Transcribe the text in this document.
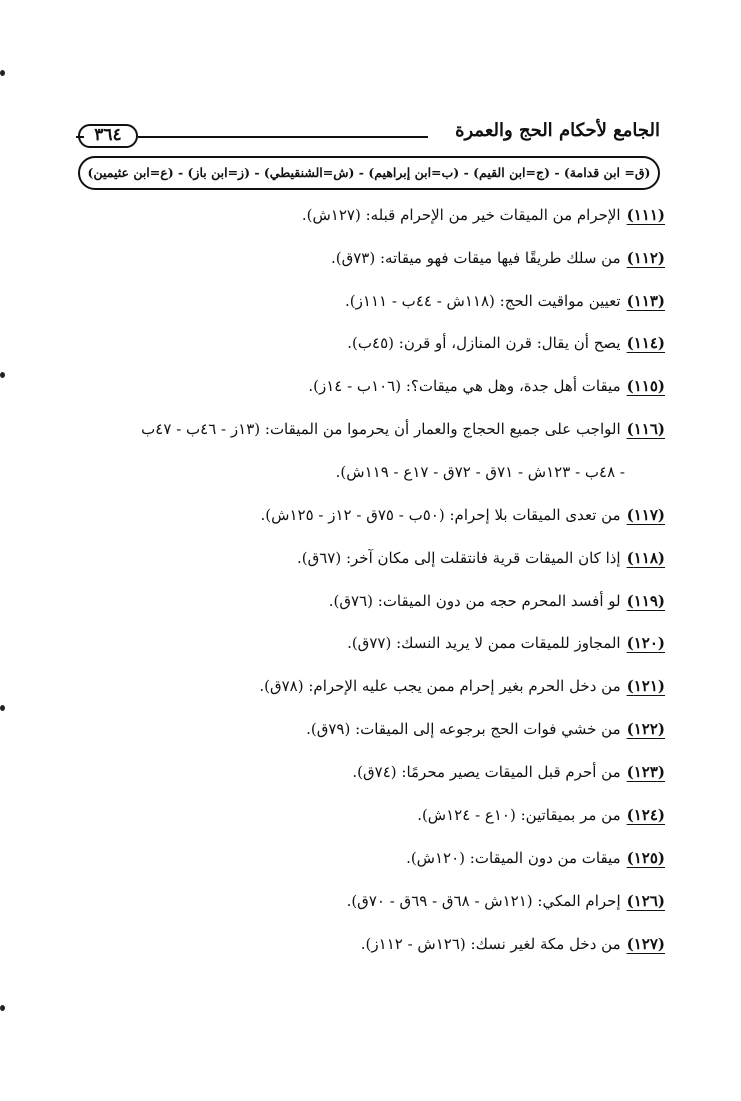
الجامع لأحكام الحج والعمرة
٣٦٤
(ق= ابن قدامة) - (ج=ابن القيم) - (ب=ابن إبراهيم) - (ش=الشنقيطي) - (ز=ابن باز) - (ع=ابن عثيمين)
(١١١)الإحرام من الميقات خير من الإحرام قبله: (١٢٧ش).
(١١٢)من سلك طريقًا فيها ميقات فهو ميقاته: (٧٣ق).
(١١٣)تعيين مواقيت الحج: (١١٨ش - ٤٤ب - ١١١ز).
(١١٤)يصح أن يقال: قرن المنازل، أو قرن: (٤٥ب).
(١١٥)ميقات أهل جدة، وهل هي ميقات؟: (١٠٦ب - ١٤ز).
(١١٦)الواجب على جميع الحجاج والعمار أن يحرموا من الميقات: (١٣ز - ٤٦ب - ٤٧ب
- ٤٨ب - ١٢٣ش - ٧١ق - ٧٢ق - ١٧ع - ١١٩ش).
(١١٧)من تعدى الميقات بلا إحرام: (٥٠ب - ٧٥ق - ١٢ز - ١٢٥ش).
(١١٨)إذا كان الميقات قرية فانتقلت إلى مكان آخر: (٦٧ق).
(١١٩)لو أفسد المحرم حجه من دون الميقات: (٧٦ق).
(١٢٠)المجاوز للميقات ممن لا يريد النسك: (٧٧ق).
(١٢١)من دخل الحرم بغير إحرام ممن يجب عليه الإحرام: (٧٨ق).
(١٢٢)من خشي فوات الحج برجوعه إلى الميقات: (٧٩ق).
(١٢٣)من أحرم قبل الميقات يصير محرمًا: (٧٤ق).
(١٢٤)من مر بميقاتين: (١٠ع - ١٢٤ش).
(١٢٥)ميقات من دون الميقات: (١٢٠ش).
(١٢٦)إحرام المكي: (١٢١ش - ٦٨ق - ٦٩ق - ٧٠ق).
(١٢٧)من دخل مكة لغير نسك: (١٢٦ش - ١١٢ز).
